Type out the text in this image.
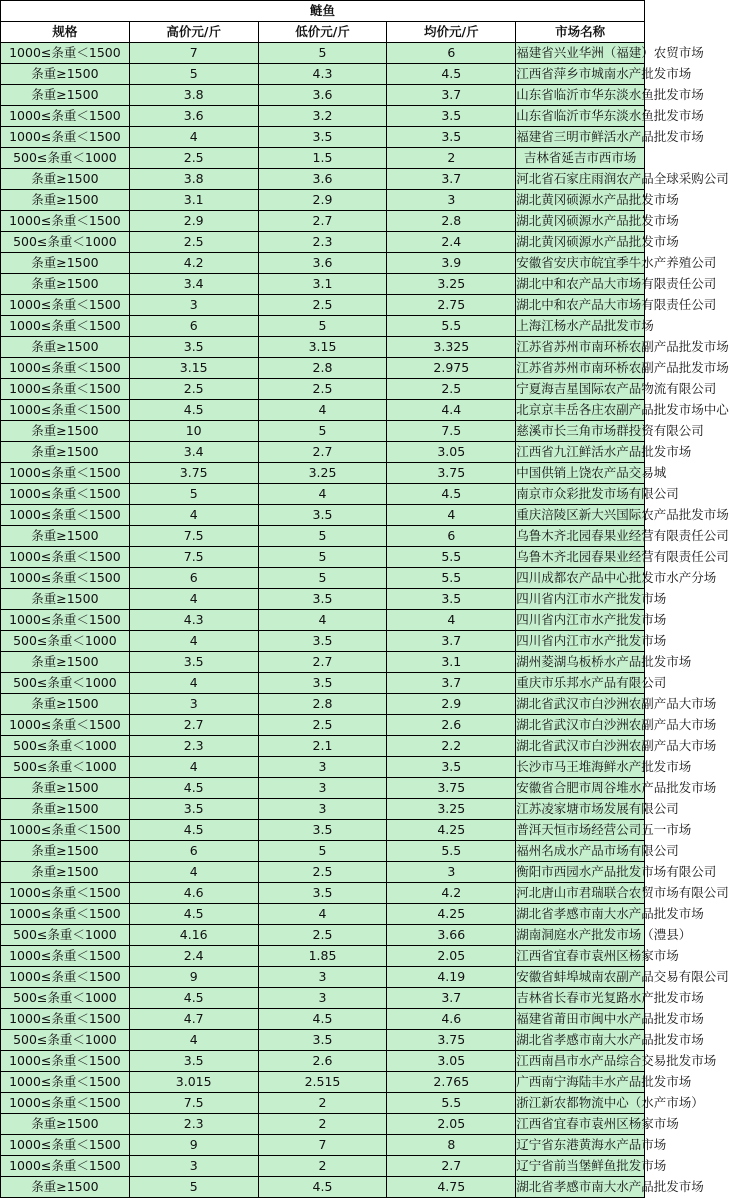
鲢鱼				
规格	高价元/斤	低价元/斤	均价元/斤	市场名称
1000≤条重＜1500	7	5	6	福建省兴业华洲（福建）农贸市场
条重≥1500	5	4.3	4.5	江西省萍乡市城南水产批发市场
条重≥1500	3.8	3.6	3.7	山东省临沂市华东淡水鱼批发市场
1000≤条重＜1500	3.6	3.2	3.5	山东省临沂市华东淡水鱼批发市场
1000≤条重＜1500	4	3.5	3.5	福建省三明市鲜活水产品批发市场
500≤条重＜1000	2.5	1.5	2	吉林省延吉市西市场
条重≥1500	3.8	3.6	3.7	河北省石家庄雨润农产品全球采购公司
条重≥1500	3.1	2.9	3	湖北黄冈硕源水产品批发市场
1000≤条重＜1500	2.9	2.7	2.8	湖北黄冈硕源水产品批发市场
500≤条重＜1000	2.5	2.3	2.4	湖北黄冈硕源水产品批发市场
条重≥1500	4.2	3.6	3.9	安徽省安庆市皖宜季牛水产养殖公司
条重≥1500	3.4	3.1	3.25	湖北中和农产品大市场有限责任公司
1000≤条重＜1500	3	2.5	2.75	湖北中和农产品大市场有限责任公司
1000≤条重＜1500	6	5	5.5	上海江杨水产品批发市场
条重≥1500	3.5	3.15	3.325	江苏省苏州市南环桥农副产品批发市场
1000≤条重＜1500	3.15	2.8	2.975	江苏省苏州市南环桥农副产品批发市场
1000≤条重＜1500	2.5	2.5	2.5	宁夏海吉星国际农产品物流有限公司
1000≤条重＜1500	4.5	4	4.4	北京京丰岳各庄农副产品批发市场中心
条重≥1500	10	5	7.5	慈溪市长三角市场群投资有限公司
条重≥1500	3.4	2.7	3.05	江西省九江鲜活水产品批发市场
1000≤条重＜1500	3.75	3.25	3.75	中国供销上饶农产品交易城
1000≤条重＜1500	5	4	4.5	南京市众彩批发市场有限公司
1000≤条重＜1500	4	3.5	4	重庆涪陵区新大兴国际农产品批发市场
条重≥1500	7.5	5	6	乌鲁木齐北园春果业经营有限责任公司
1000≤条重＜1500	7.5	5	5.5	乌鲁木齐北园春果业经营有限责任公司
1000≤条重＜1500	6	5	5.5	四川成都农产品中心批发市水产分场
条重≥1500	4	3.5	3.5	四川省内江市水产批发市场
1000≤条重＜1500	4.3	4	4	四川省内江市水产批发市场
500≤条重＜1000	4	3.5	3.7	四川省内江市水产批发市场
条重≥1500	3.5	2.7	3.1	湖州菱湖乌板桥水产品批发市场
500≤条重＜1000	4	3.5	3.7	重庆市乐邦水产品有限公司
条重≥1500	3	2.8	2.9	湖北省武汉市白沙洲农副产品大市场
1000≤条重＜1500	2.7	2.5	2.6	湖北省武汉市白沙洲农副产品大市场
500≤条重＜1000	2.3	2.1	2.2	湖北省武汉市白沙洲农副产品大市场
500≤条重＜1000	4	3	3.5	长沙市马王堆海鲜水产批发市场
条重≥1500	4.5	3	3.75	安徽省合肥市周谷堆水产品批发市场
条重≥1500	3.5	3	3.25	江苏凌家塘市场发展有限公司
1000≤条重＜1500	4.5	3.5	4.25	普洱天恒市场经营公司五一市场
条重≥1500	6	5	5.5	福州名成水产品市场有限公司
条重≥1500	4	2.5	3	衡阳市西园水产品批发市场有限公司
1000≤条重＜1500	4.6	3.5	4.2	河北唐山市君瑞联合农贸市场有限公司
1000≤条重＜1500	4.5	4	4.25	湖北省孝感市南大水产品批发市场
500≤条重＜1000	4.16	2.5	3.66	湖南洞庭水产批发市场（澧县）
1000≤条重＜1500	2.4	1.85	2.05	江西省宜春市袁州区杨家市场
1000≤条重＜1500	9	3	4.19	安徽省蚌埠城南农副产品交易有限公司
500≤条重＜1000	4.5	3	3.7	吉林省长春市光复路水产批发市场
1000≤条重＜1500	4.7	4.5	4.6	福建省莆田市闽中水产品批发市场
500≤条重＜1000	4	3.5	3.75	湖北省孝感市南大水产品批发市场
1000≤条重＜1500	3.5	2.6	3.05	江西南昌市水产品综合交易批发市场
1000≤条重＜1500	3.015	2.515	2.765	广西南宁海陆丰水产品批发市场
1000≤条重＜1500	7.5	2	5.5	浙江新农都物流中心（水产市场）
条重≥1500	2.3	2	2.05	江西省宜春市袁州区杨家市场
1000≤条重＜1500	9	7	8	辽宁省东港黄海水产品市场
1000≤条重＜1500	3	2	2.7	辽宁省前当堡鲜鱼批发市场
条重≥1500	5	4.5	4.75	湖北省孝感市南大水产品批发市场
